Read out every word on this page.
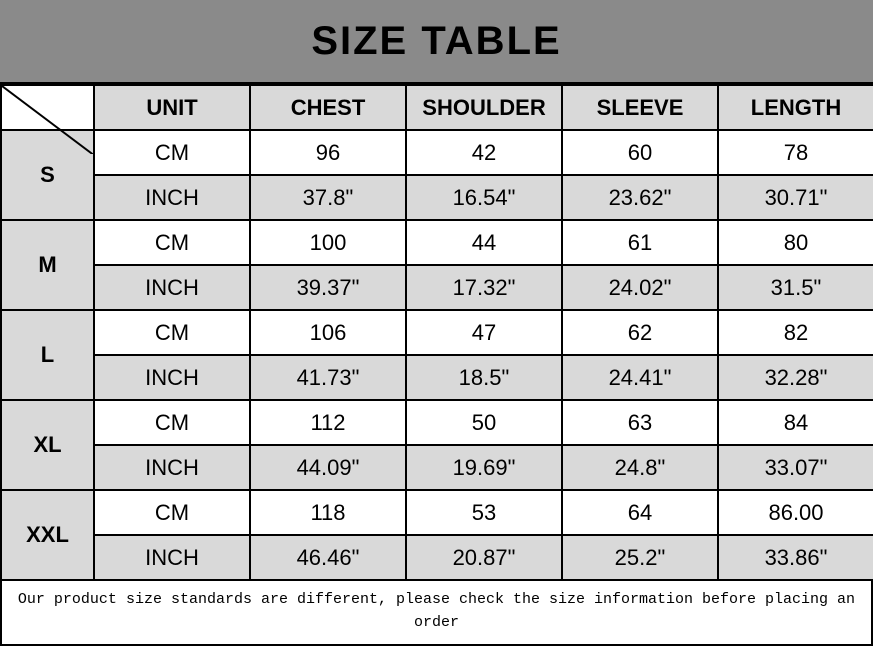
SIZE TABLE
	UNIT	CHEST	SHOULDER	SLEEVE	LENGTH
S	CM	96	42	60	78
	INCH	37.8"	16.54"	23.62"	30.71"
M	CM	100	44	61	80
	INCH	39.37"	17.32"	24.02"	31.5"
L	CM	106	47	62	82
	INCH	41.73"	18.5"	24.41"	32.28"
XL	CM	112	50	63	84
	INCH	44.09"	19.69"	24.8"	33.07"
XXL	CM	118	53	64	86.00
	INCH	46.46"	20.87"	25.2"	33.86"
Our product size standards are different, please check the size information before placing an order
